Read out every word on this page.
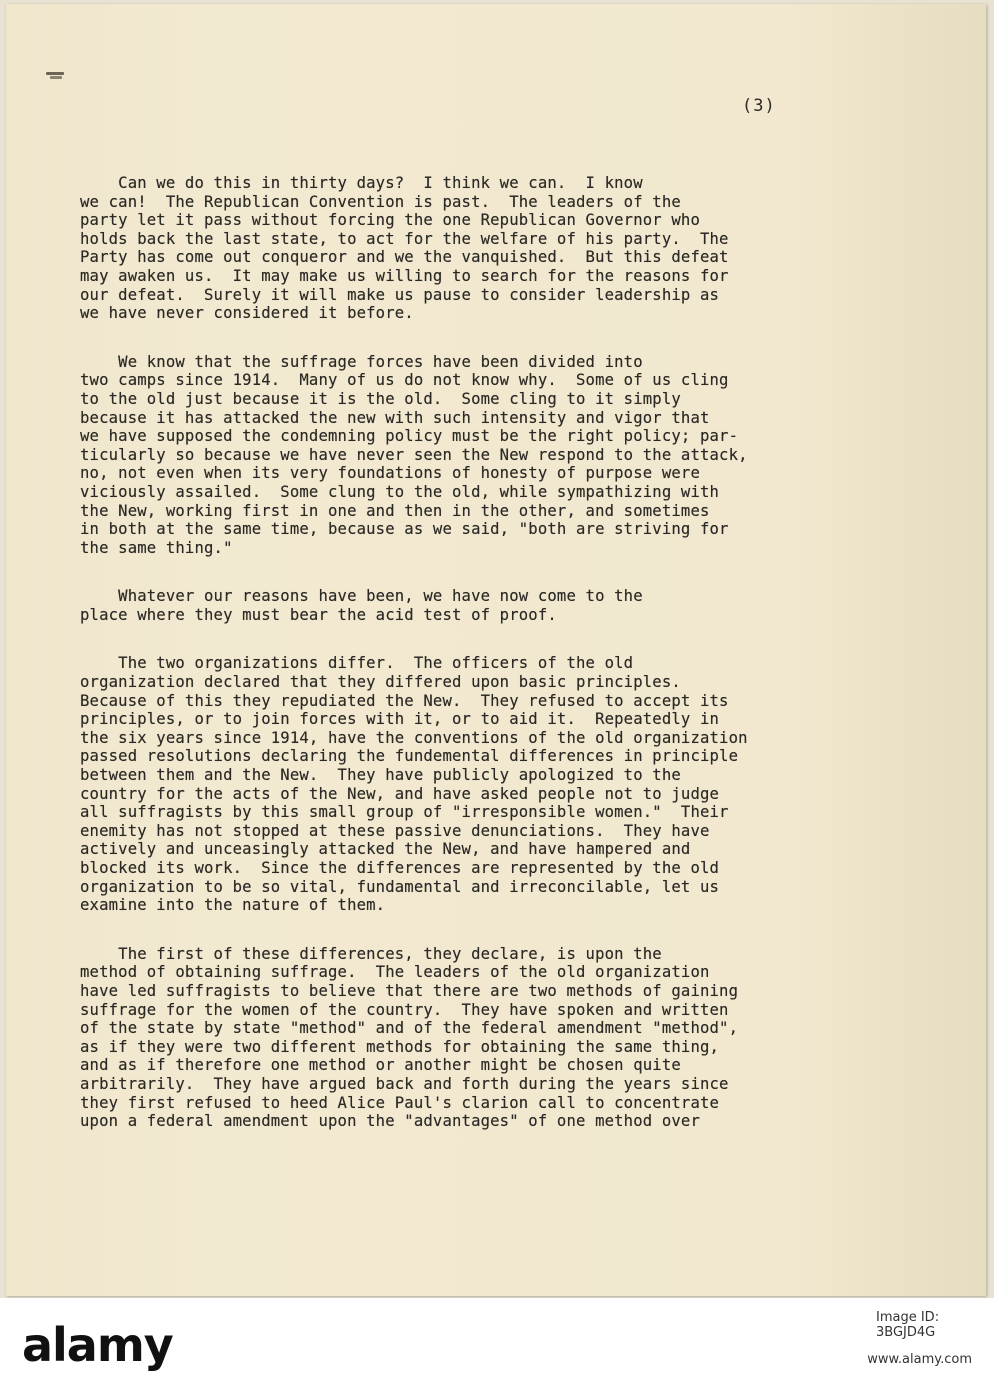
(3)
Can we do this in thirty days?  I think we can.  I know
we can!  The Republican Convention is past.  The leaders of the
party let it pass without forcing the one Republican Governor who
holds back the last state, to act for the welfare of his party.  The
Party has come out conqueror and we the vanquished.  But this defeat
may awaken us.  It may make us willing to search for the reasons for
our defeat.  Surely it will make us pause to consider leadership as
we have never considered it before.
We know that the suffrage forces have been divided into
two camps since 1914.  Many of us do not know why.  Some of us cling
to the old just because it is the old.  Some cling to it simply
because it has attacked the new with such intensity and vigor that
we have supposed the condemning policy must be the right policy; par-
ticularly so because we have never seen the New respond to the attack,
no, not even when its very foundations of honesty of purpose were
viciously assailed.  Some clung to the old, while sympathizing with
the New, working first in one and then in the other, and sometimes
in both at the same time, because as we said, "both are striving for
the same thing."
Whatever our reasons have been, we have now come to the
place where they must bear the acid test of proof.
The two organizations differ.  The officers of the old
organization declared that they differed upon basic principles.
Because of this they repudiated the New.  They refused to accept its
principles, or to join forces with it, or to aid it.  Repeatedly in
the six years since 1914, have the conventions of the old organization
passed resolutions declaring the fundemental differences in principle
between them and the New.  They have publicly apologized to the
country for the acts of the New, and have asked people not to judge
all suffragists by this small group of "irresponsible women."  Their
enemity has not stopped at these passive denunciations.  They have
actively and unceasingly attacked the New, and have hampered and
blocked its work.  Since the differences are represented by the old
organization to be so vital, fundamental and irreconcilable, let us
examine into the nature of them.
The first of these differences, they declare, is upon the
method of obtaining suffrage.  The leaders of the old organization
have led suffragists to believe that there are two methods of gaining
suffrage for the women of the country.  They have spoken and written
of the state by state "method" and of the federal amendment "method",
as if they were two different methods for obtaining the same thing,
and as if therefore one method or another might be chosen quite
arbitrarily.  They have argued back and forth during the years since
they first refused to heed Alice Paul's clarion call to concentrate
upon a federal amendment upon the "advantages" of one method over
alamy
Image ID: 3BGJD4G
www.alamy.com
